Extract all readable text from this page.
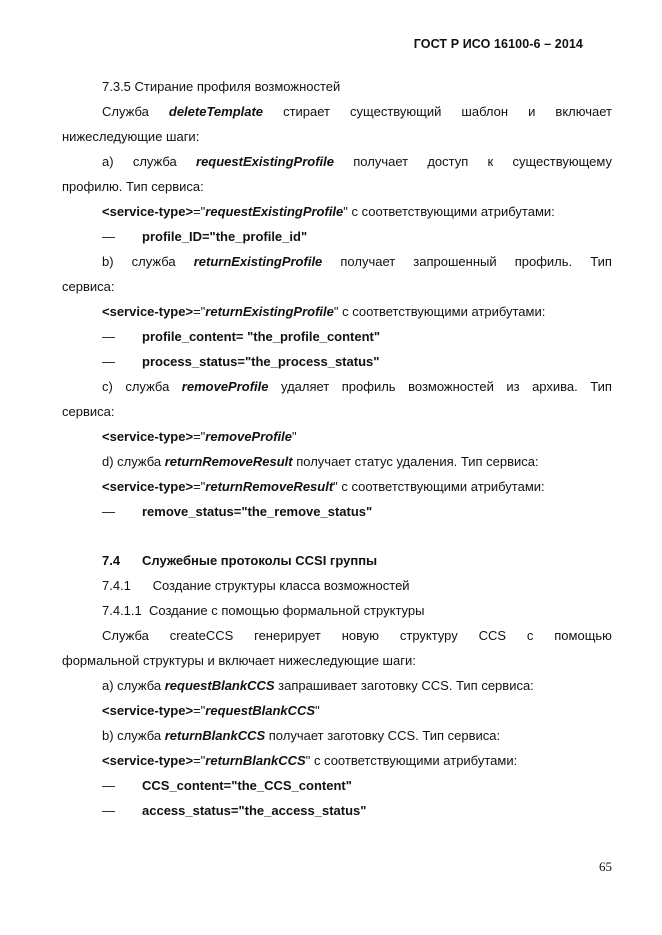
ГОСТ Р ИСО 16100-6 – 2014
7.3.5 Стирание профиля возможностей
Служба deleteTemplate стирает существующий шаблон и включает
нижеследующие шаги:
а) служба requestExistingProfile получает доступ к существующему
профилю. Тип сервиса:
<service-type>="requestExistingProfile" с соответствующими атрибутами:
— profile_ID="the_profile_id"
b) служба returnExistingProfile получает запрошенный профиль. Тип
сервиса:
<service-type>="returnExistingProfile" с соответствующими атрибутами:
— profile_content= "the_profile_content"
— process_status="the_process_status"
c) служба removeProfile удаляет профиль возможностей из архива. Тип
сервиса:
<service-type>="removeProfile"
d) служба returnRemoveResult получает статус удаления. Тип сервиса:
<service-type>="returnRemoveResult" с соответствующими атрибутами:
— remove_status="the_remove_status"
7.4 Служебные протоколы CCSI группы
7.4.1      Создание структуры класса возможностей
7.4.1.1  Создание с помощью формальной структуры
Служба createCCS генерирует новую структуру CCS с помощью
формальной структуры и включает нижеследующие шаги:
а) служба requestBlankCCS запрашивает заготовку CCS. Тип сервиса:
<service-type>="requestBlankCCS"
b) служба returnBlankCCS получает заготовку CCS. Тип сервиса:
<service-type>="returnBlankCCS" с соответствующими атрибутами:
— CCS_content="the_CCS_content"
— access_status="the_access_status"
65
